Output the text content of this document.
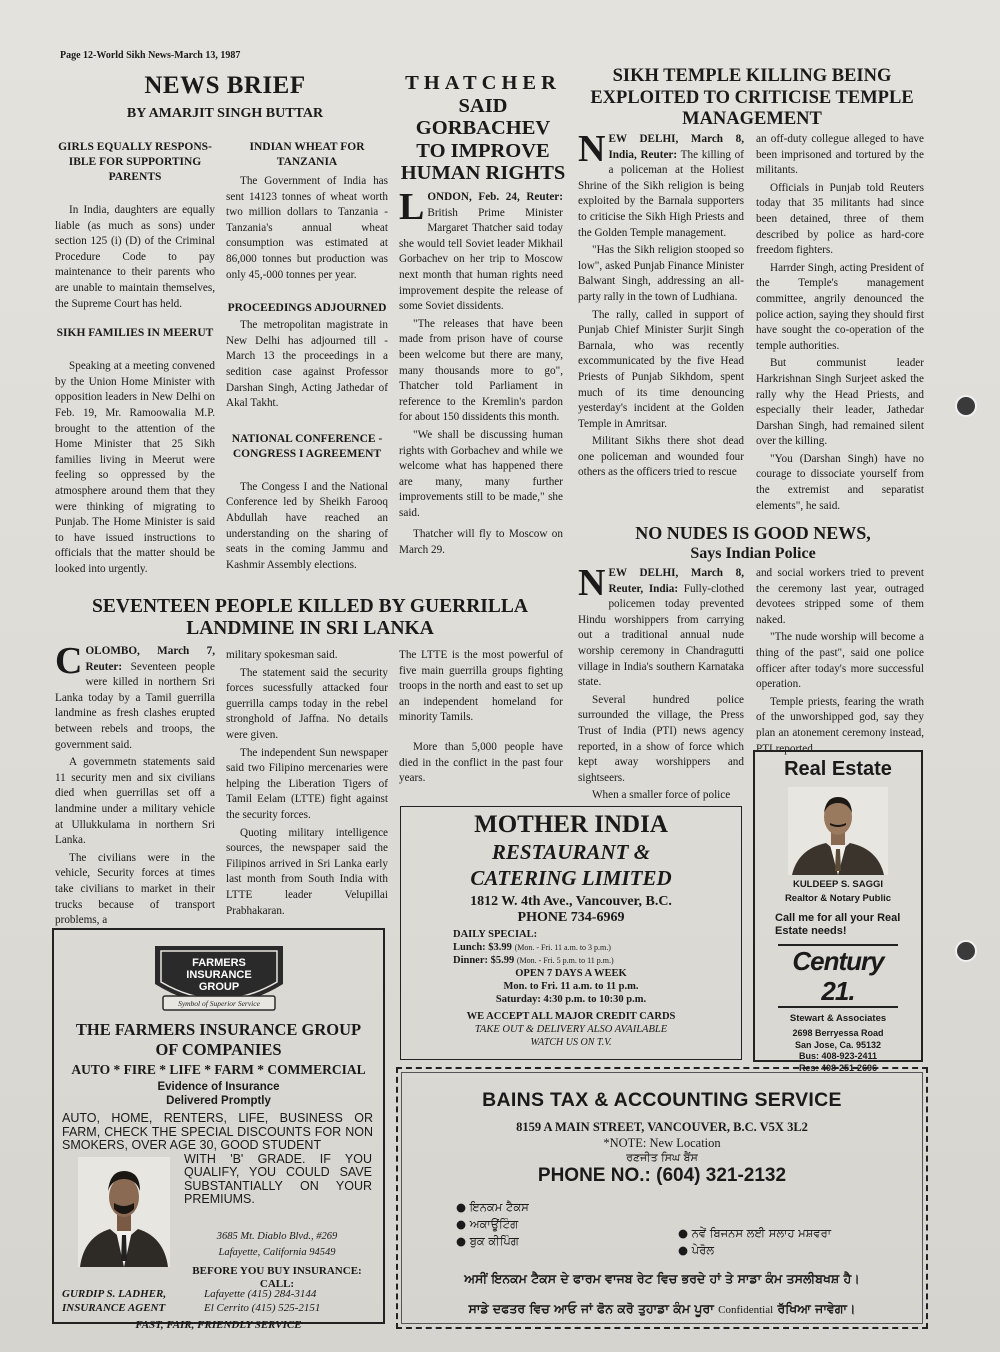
Page 12-World Sikh News-March 13, 1987
NEWS BRIEF
BY AMARJIT SINGH BUTTAR
GIRLS EQUALLY RESPONS-IBLE FOR SUPPORTING PARENTS

In India, daughters are equally liable (as much as sons) under section 125 (i) (D) of the Criminal Procedure Code to pay maintenance to their parents who are unable to maintain themselves, the Supreme Court has held.

SIKH FAMILIES IN MEERUT

Speaking at a meeting convened by the Union Home Minister with opposition leaders in New Delhi on Feb. 19, Mr. Ramoowalia M.P. brought to the attention of the Home Minister that 25 Sikh families living in Meerut were feeling so oppressed by the atmosphere around them that they were thinking of migrating to Punjab. The Home Minister is said to have issued instructions to officials that the matter should be looked into urgently.

INDIAN WHEAT FOR TANZANIA

The Government of India has sent 14123 tonnes of wheat worth two million dollars to Tanzania -Tanzania's annual wheat consumption was estimated at 86,000 tonnes but production was only 45,-000 tonnes per year.

PROCEEDINGS ADJOURNED

The metropolitan magistrate in New Delhi has adjourned till - March 13 the proceedings in a sedition case against Professor Darshan Singh, Acting Jathedar of Akal Takht.

NATIONAL CONFERENCE - CONGRESS I AGREEMENT

The Congess I and the National Conference led by Sheikh Farooq Abdullah have reached an understanding on the sharing of seats in the coming Jammu and Kashmir Assembly elections.

THATCHER
SAID
GORBACHEV
TO IMPROVE
HUMAN RIGHTS

LONDON, Feb. 24, Reuter: British Prime Minister Margaret Thatcher said today she would tell Soviet leader Mikhail Gorbachev on her trip to Moscow next month that human rights need improvement despite the release of some Soviet dissidents.

"The releases that have been made from prison have of course been welcome but there are many, many thousands more to go", Thatcher told Parliament in reference to the Kremlin's pardon for about 150 dissidents this month.

"We shall be discussing human rights with Gorbachev and while we welcome what has happened there are many, many further improvements still to be made," she said.

Thatcher will fly to Moscow on March 29.

SIKH TEMPLE KILLING BEING
EXPLOITED TO CRITICISE TEMPLE
MANAGEMENT

NEW DELHI, March 8, India, Reuter: The killing of a policeman at the Holiest Shrine of the Sikh religion is being exploited by the Barnala supporters to criticise the Sikh High Priests and the Golden Temple management.

"Has the Sikh religion stooped so low", asked Punjab Finance Minister Balwant Singh, addressing an all-party rally in the town of Ludhiana.

The rally, called in support of Punjab Chief Minister Surjit Singh Barnala, who was recently excommunicated by the five Head Priests of Punjab Sikhdom, spent much of its time denouncing yesterday's incident at the Golden Temple in Amritsar.

Militant Sikhs there shot dead one policeman and wounded four others as the officers tried to rescue

an off-duty collegue alleged to have been imprisoned and tortured by the militants.

Officials in Punjab told Reuters today that 35 militants had since been detained, three of them described by police as hard-core freedom fighters.

Harrder Singh, acting President of the Temple's management committee, angrily denounced the police action, saying they should first have sought the co-operation of the temple authorities.

But communist leader Harkrishnan Singh Surjeet asked the rally why the Head Priests, and especially their leader, Jathedar Darshan Singh, had remained silent over the killing.

"You (Darshan Singh) have no courage to dissociate yourself from the extremist and separatist elements", he said.

NO NUDES IS GOOD NEWS,
Says Indian Police

NEW DELHI, March 8, Reuter, India: Fully-clothed policemen today prevented Hindu worshippers from carrying out a traditional annual nude worship ceremony in Chandragutti village in India's southern Karnataka state.

Several hundred police surrounded the village, the Press Trust of India (PTI) news agency reported, in a show of force which kept away worshippers and sightseers.

When a smaller force of police

and social workers tried to prevent the ceremony last year, outraged devotees stripped some of them naked.

"The nude worship will become a thing of the past", said one police officer after today's more successful operation.

Temple priests, fearing the wrath of the unworshipped god, say they plan an atonement ceremony instead, PTI reported.

SEVENTEEN PEOPLE KILLED BY GUERRILLA
LANDMINE IN SRI LANKA

COLOMBO, March 7, Reuter: Seventeen people were killed in northern Sri Lanka today by a Tamil guerrilla landmine as fresh clashes erupted between rebels and troops, the government said.

A governmetn statements said 11 security men and six civilians died when guerrillas set off a landmine under a military vehicle at Ullukkulama in northern Sri Lanka.

The civilians were in the vehicle, Security forces at times take civilians to market in their trucks because of transport problems, a

military spokesman said.

The statement said the security forces sucessfully attacked four guerrilla camps today in the rebel stronghold of Jaffna. No details were given.

The independent Sun newspaper said two Filipino mercenaries were helping the Liberation Tigers of Tamil Eelam (LTTE) fight against the security forces.

Quoting military intelligence sources, the newspaper said the Filipinos arrived in Sri Lanka early last month from South India with LTTE leader Velupillai Prabhakaran.

The LTTE is the most powerful of five main guerrilla groups fighting troops in the north and east to set up an independent homeland for minority Tamils.

More than 5,000 people have died in the conflict in the past four years.

MOTHER INDIA
RESTAURANT &
CATERING LIMITED
1812 W. 4th Ave., Vancouver, B.C.
PHONE 734-6969
DAILY SPECIAL:
Lunch: $3.99 (Mon. - Fri. 11 a.m. to 3 p.m.)
Dinner: $5.99 (Mon. - Fri. 5 p.m. to 11 p.m.)
OPEN 7 DAYS A WEEK
Mon. to Fri. 11 a.m. to 11 p.m.
Saturday: 4:30 p.m. to 10:30 p.m.
WE ACCEPT ALL MAJOR CREDIT CARDS
TAKE OUT & DELIVERY ALSO AVAILABLE
WATCH US ON T.V.
Real Estate
KULDEEP S. SAGGI
Realtor & Notary Public
Call me for all your Real Estate needs!
Century 21.
Stewart & Associates
2698 Berryessa Road
San Jose, Ca. 95132
Bus: 408-923-2411
Res: 408-251-2696
FARMERS
INSURANCE
GROUP
Symbol of Superior Service
THE FARMERS INSURANCE GROUP
OF COMPANIES
AUTO * FIRE * LIFE * FARM * COMMERCIAL
Evidence of Insurance
Delivered Promptly
AUTO, HOME, RENTERS, LIFE, BUSINESS OR FARM, CHECK THE SPECIAL DISCOUNTS FOR NON SMOKERS, OVER AGE 30, GOOD STUDENT
WITH 'B' GRADE. IF YOU QUALIFY, YOU COULD SAVE SUBSTANTIALLY ON YOUR PREMIUMS.
3685 Mt. Diablo Blvd., #269
Lafayette, California 94549
BEFORE YOU BUY INSURANCE:
CALL:
GURDIP S. LADHER,
INSURANCE AGENT
Lafayette (415) 284-3144
El Cerrito (415) 525-2151
FAST, FAIR, FRIENDLY SERVICE
BAINS TAX & ACCOUNTING SERVICE
8159 A MAIN STREET, VANCOUVER, B.C. V5X 3L2
*NOTE: New Location
ਰਣਜੀਤ ਸਿਘ ਬੈਂਸ
PHONE NO.: (604) 321-2132
● ਇਨਕਮ ਟੈਕਸ
● ਅਕਾਊਂਟਿੰਗ
● ਬੁਕ ਕੀਪਿੰਗ
● ਨਵੇਂ ਬਿਜਨਸ ਲਈ ਸਲਾਹ ਮਸ਼ਵਰਾ
● ਪੇਰੋਲ
ਅਸੀਂ ਇਨਕਮ ਟੈਕਸ ਦੇ ਫਾਰਮ ਵਾਜਬ ਰੇਟ ਵਿਚ ਭਰਦੇ ਹਾਂ ਤੇ ਸਾਡਾ ਕੰਮ ਤਸਲੀਬਖਸ਼ ਹੈ।
ਸਾਡੇ ਦਫਤਰ ਵਿਚ ਆਓ ਜਾਂ ਫੋਨ ਕਰੋ ਤੁਹਾਡਾ ਕੰਮ ਪੂਰਾ Confidential ਰੱਖਿਆ ਜਾਵੇਗਾ।
